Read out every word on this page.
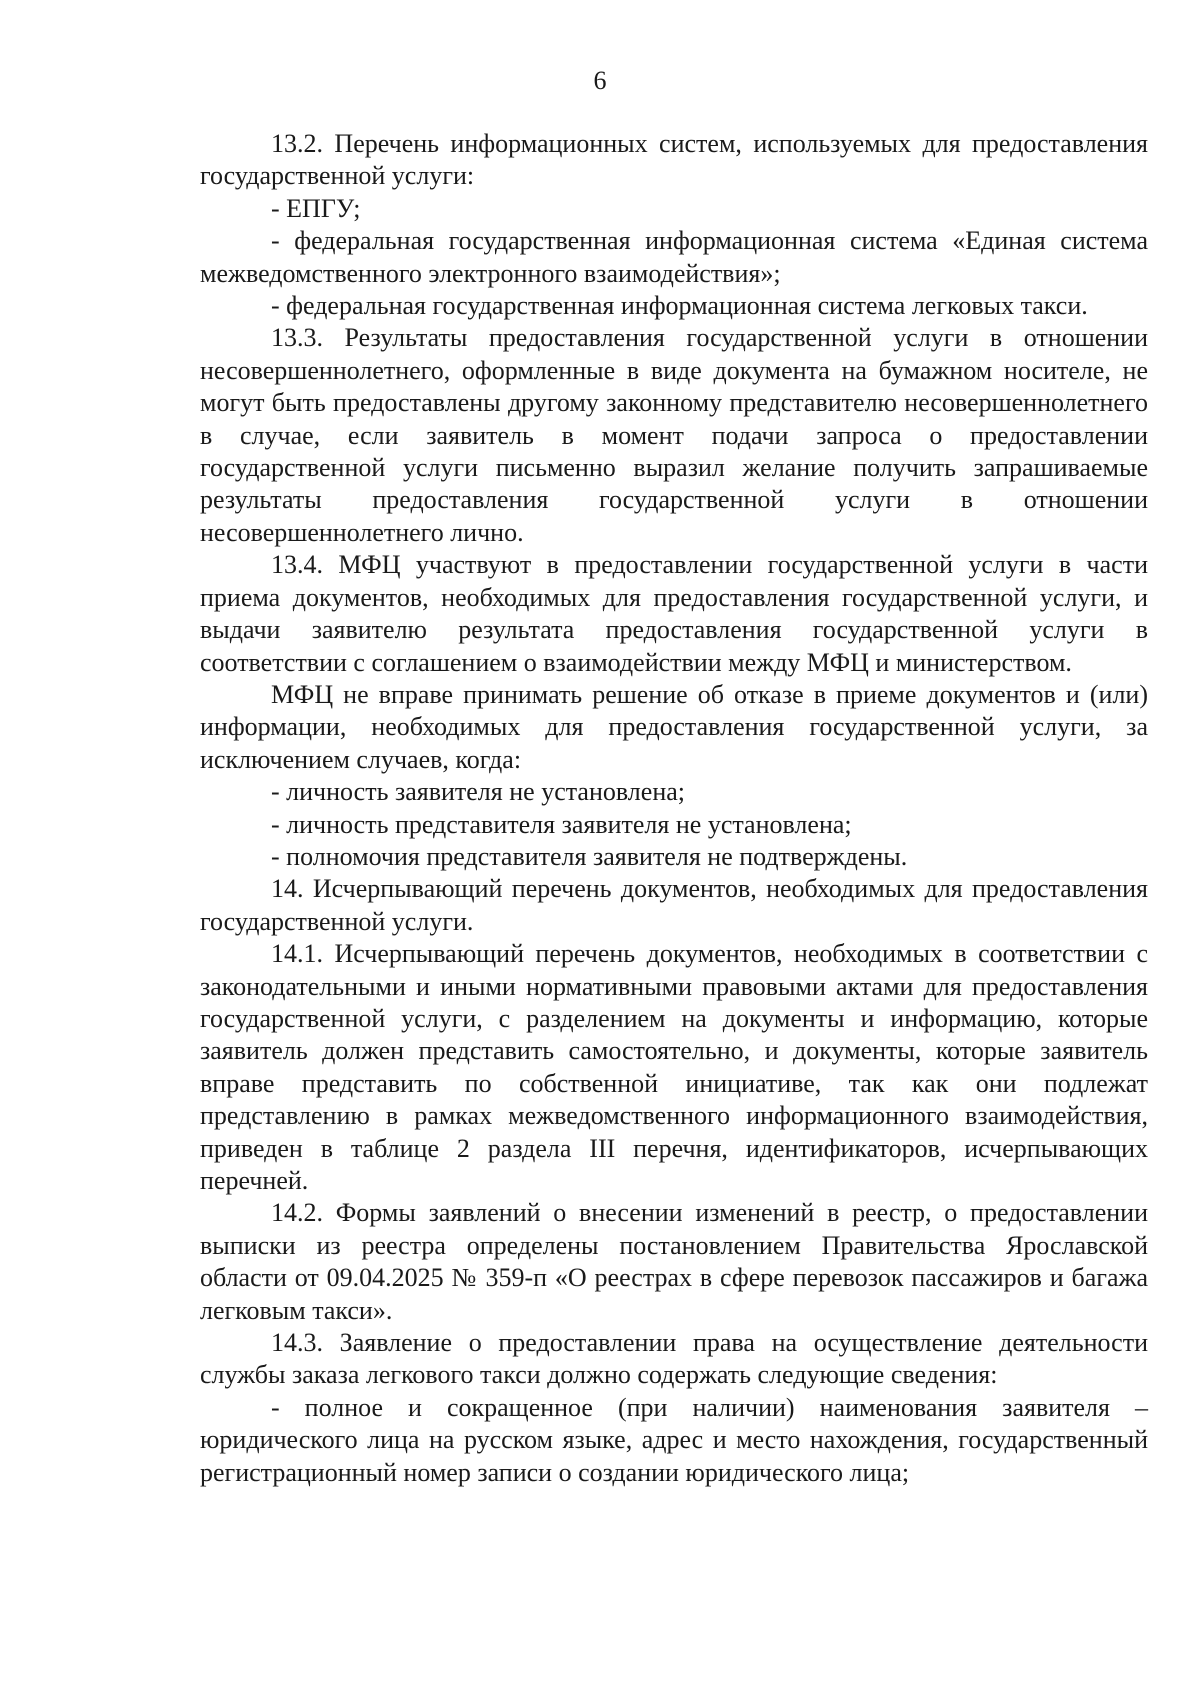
6

13.2. Перечень информационных систем, используемых для предоставления государственной услуги:

- ЕПГУ;

- федеральная государственная информационная система «Единая система межведомственного электронного взаимодействия»;

- федеральная государственная информационная система легковых такси.

13.3. Результаты предоставления государственной услуги в отношении несовершеннолетнего, оформленные в виде документа на бумажном носителе, не могут быть предоставлены другому законному представителю несовершеннолетнего в случае, если заявитель в момент подачи запроса о предоставлении государственной услуги письменно выразил желание получить запрашиваемые результаты предоставления государственной услуги в отношении несовершеннолетнего лично.

13.4. МФЦ участвуют в предоставлении государственной услуги в части приема документов, необходимых для предоставления государственной услуги, и выдачи заявителю результата предоставления государственной услуги в соответствии с соглашением о взаимодействии между МФЦ и министерством.

МФЦ не вправе принимать решение об отказе в приеме документов и (или) информации, необходимых для предоставления государственной услуги, за исключением случаев, когда:

- личность заявителя не установлена;

- личность представителя заявителя не установлена;

- полномочия представителя заявителя не подтверждены.

14. Исчерпывающий перечень документов, необходимых для предоставления государственной услуги.

14.1. Исчерпывающий перечень документов, необходимых в соответствии с законодательными и иными нормативными правовыми актами для предоставления государственной услуги, с разделением на документы и информацию, которые заявитель должен представить самостоятельно, и документы, которые заявитель вправе представить по собственной инициативе, так как они подлежат представлению в рамках межведомственного информационного взаимодействия, приведен в таблице 2 раздела III перечня, идентификаторов, исчерпывающих перечней.

14.2. Формы заявлений о внесении изменений в реестр, о предоставлении выписки из реестра определены постановлением Правительства Ярославской области от 09.04.2025 № 359-п «О реестрах в сфере перевозок пассажиров и багажа легковым такси».

14.3. Заявление о предоставлении права на осуществление деятельности службы заказа легкового такси должно содержать следующие сведения:

- полное и сокращенное (при наличии) наименования заявителя – юридического лица на русском языке, адрес и место нахождения, государственный регистрационный номер записи о создании юридического лица;
